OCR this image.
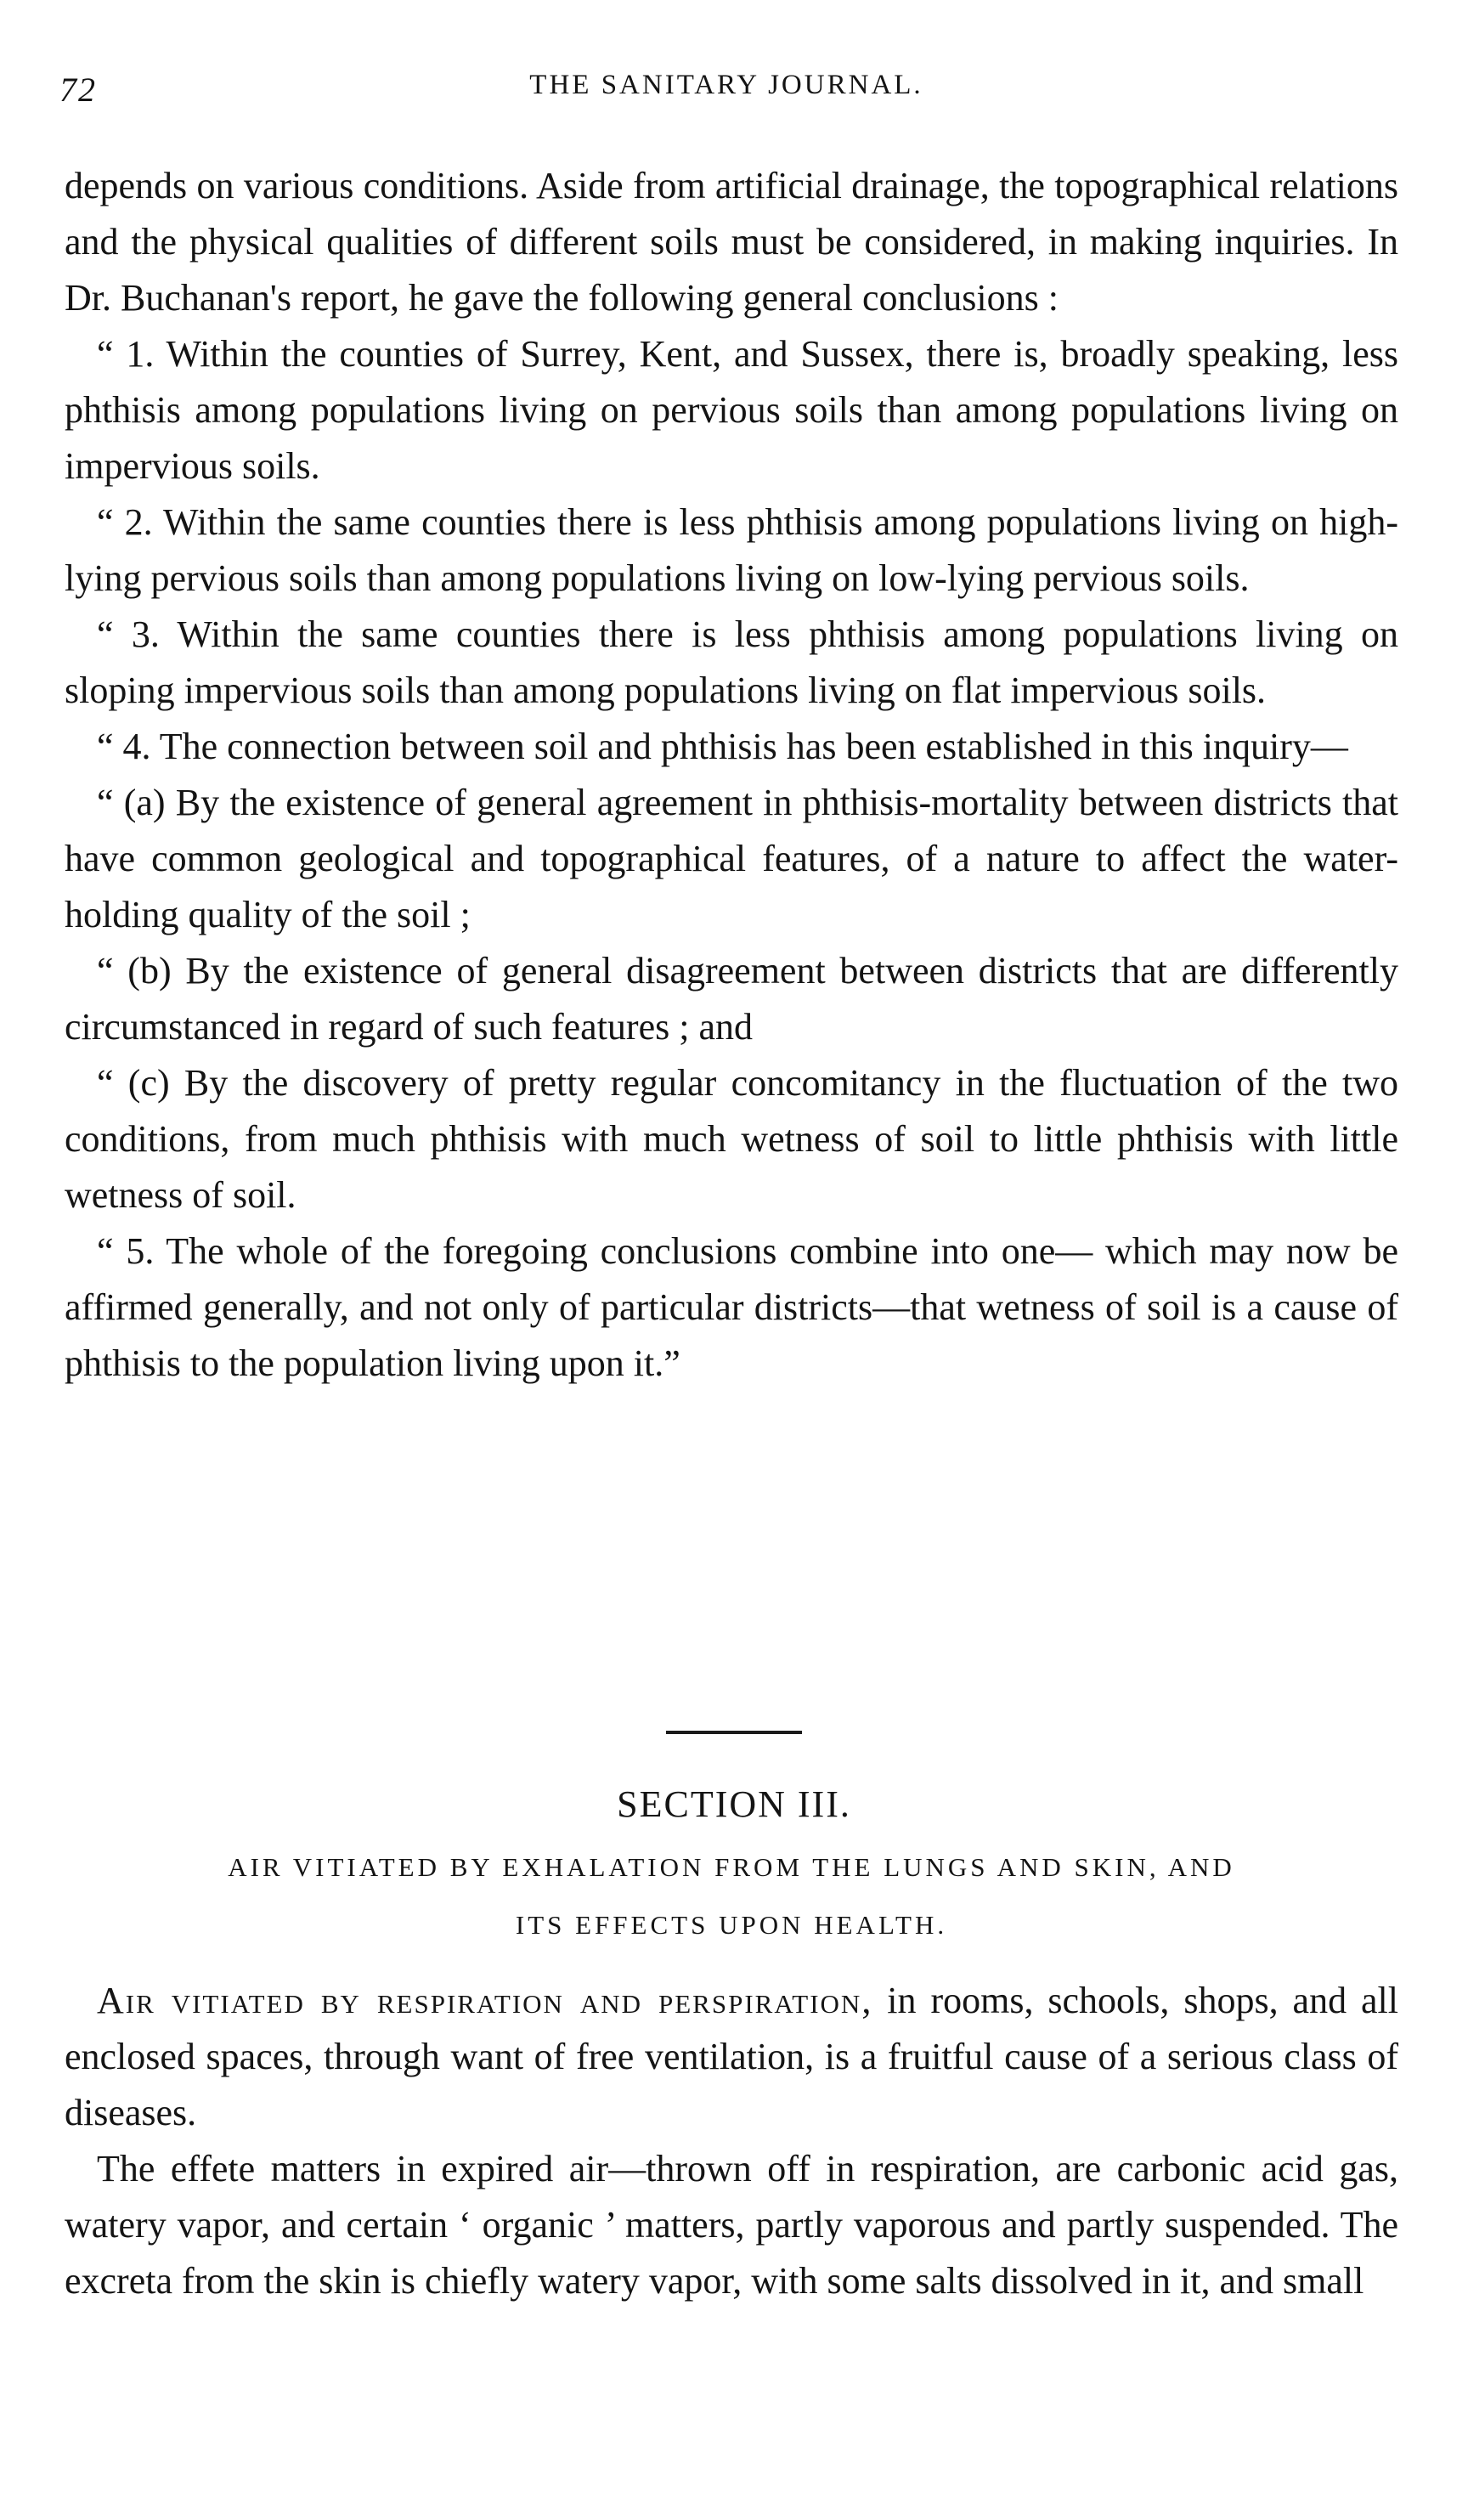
72	THE SANITARY JOURNAL.

depends on various conditions. Aside from artificial drainage, the topographical relations and the physical qualities of different soils must be considered, in making inquiries. In Dr. Buchanan's report, he gave the following general conclusions :

“ 1. Within the counties of Surrey, Kent, and Sussex, there is, broadly speaking, less phthisis among populations living on pervious soils than among populations living on impervious soils.

“ 2. Within the same counties there is less phthisis among populations living on high-lying pervious soils than among populations living on low-lying pervious soils.

“ 3. Within the same counties there is less phthisis among populations living on sloping impervious soils than among populations living on flat impervious soils.

“ 4. The connection between soil and phthisis has been established in this inquiry—

“ (a) By the existence of general agreement in phthisis-mortality between districts that have common geological and topographical features, of a nature to affect the water-holding quality of the soil ;

“ (b) By the existence of general disagreement between districts that are differently circumstanced in regard of such features ; and

“ (c) By the discovery of pretty regular concomitancy in the fluctuation of the two conditions, from much phthisis with much wetness of soil to little phthisis with little wetness of soil.

“ 5. The whole of the foregoing conclusions combine into one— which may now be affirmed generally, and not only of particular districts—that wetness of soil is a cause of phthisis to the population living upon it.”

SECTION III.

AIR VITIATED BY EXHALATION FROM THE LUNGS AND SKIN, AND

ITS EFFECTS UPON HEALTH.

Air vitiated by respiration and perspiration, in rooms, schools, shops, and all enclosed spaces, through want of free ventilation, is a fruitful cause of a serious class of diseases.

The effete matters in expired air—thrown off in respiration, are carbonic acid gas, watery vapor, and certain ‘ organic ’ matters, partly vaporous and partly suspended. The excreta from the skin is chiefly watery vapor, with some salts dissolved in it, and small
